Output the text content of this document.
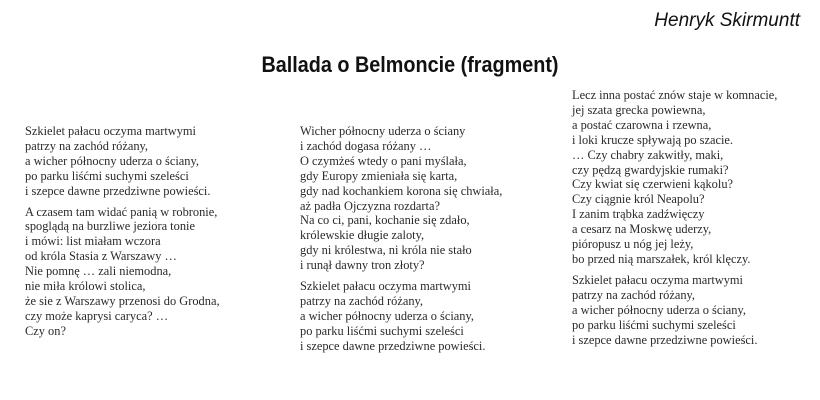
Henryk Skirmuntt
Ballada o Belmoncie (fragment)
Szkielet pałacu oczyma martwymi
patrzy na zachód różany,
a wicher północny uderza o ściany,
po parku liśćmi suchymi szeleści
i szepce dawne przedziwne powieści.
A czasem tam widać panią w robronie,
spoglądą na burzliwe jeziora tonie
i mówi: list miałam wczora
od króla Stasia z Warszawy …
Nie pomnę … zali niemodna,
nie miła królowi stolica,
że sie z Warszawy przenosi do Grodna,
czy może kaprysi caryca? …
Czy on?
Wicher północny uderza o ściany
i zachód dogasa różany …
O czymżeś wtedy o pani myślała,
gdy Europy zmieniała się karta,
gdy nad kochankiem korona się chwiała,
aż padła Ojczyzna rozdarta?
Na co ci, pani, kochanie się zdało,
królewskie długie zaloty,
gdy ni królestwa, ni króla nie stało
i runął dawny tron złoty?
Szkielet pałacu oczyma martwymi
patrzy na zachód różany,
a wicher północny uderza o ściany,
po parku liśćmi suchymi szeleści
i szepce dawne przedziwne powieści.
Lecz inna postać znów staje w komnacie,
jej szata grecka powiewna,
a postać czarowna i rzewna,
i loki krucze spływają po szacie.
… Czy chabry zakwitły, maki,
czy pędzą gwardyjskie rumaki?
Czy kwiat się czerwieni kąkolu?
Czy ciągnie król Neapolu?
I zanim trąbka zadźwięczy
a cesarz na Moskwę uderzy,
pióropusz u nóg jej leży,
bo przed nią marszałek, król klęczy.
Szkielet pałacu oczyma martwymi
patrzy na zachód różany,
a wicher północny uderza o ściany,
po parku liśćmi suchymi szeleści
i szepce dawne przedziwne powieści.
